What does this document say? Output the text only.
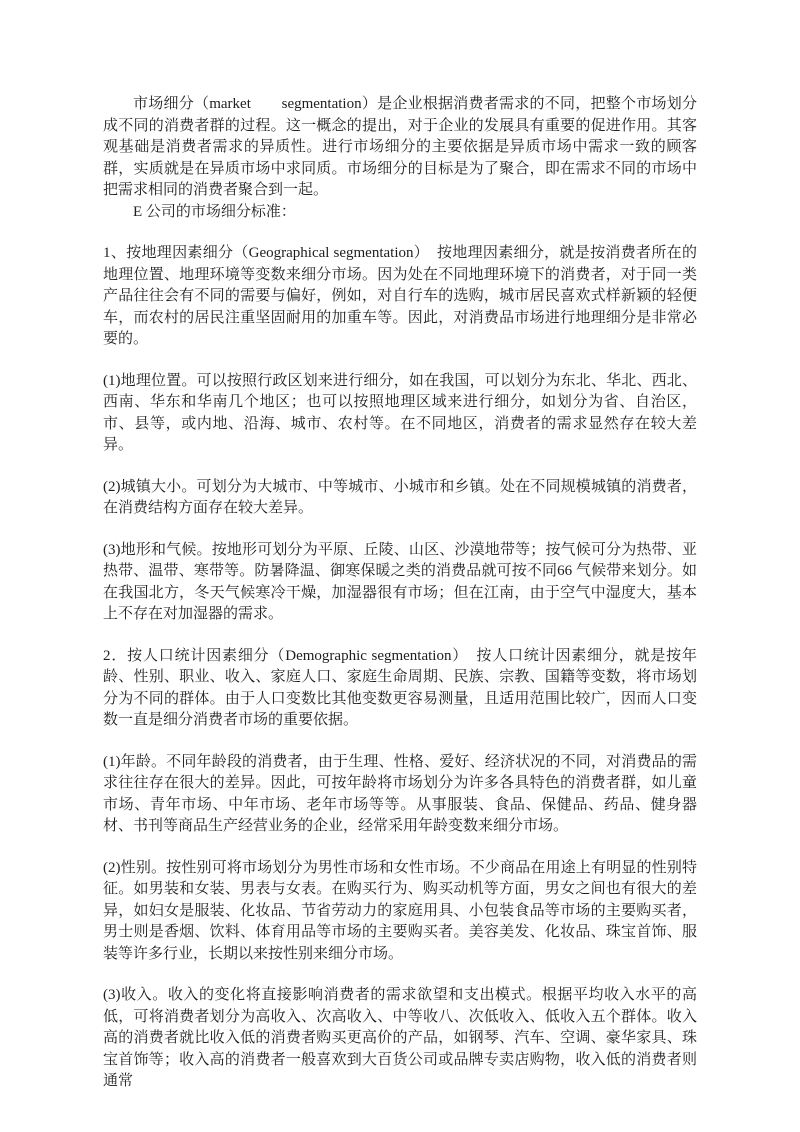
市场细分（market　　segmentation）是企业根据消费者需求的不同，把整个市场划分成不同的消费者群的过程。这一概念的提出，对于企业的发展具有重要的促进作用。其客观基础是消费者需求的异质性。进行市场细分的主要依据是异质市场中需求一致的顾客群，实质就是在异质市场中求同质。市场细分的目标是为了聚合，即在需求不同的市场中把需求相同的消费者聚合到一起。

E 公司的市场细分标准：

1、按地理因素细分（Geographical segmentation）　按地理因素细分，就是按消费者所在的地理位置、地理环境等变数来细分市场。因为处在不同地理环境下的消费者，对于同一类产品往往会有不同的需要与偏好，例如，对自行车的选购，城市居民喜欢式样新颖的轻便车，而农村的居民注重坚固耐用的加重车等。因此，对消费品市场进行地理细分是非常必要的。

(1)地理位置。可以按照行政区划来进行细分，如在我国，可以划分为东北、华北、西北、西南、华东和华南几个地区；也可以按照地理区域来进行细分，如划分为省、自治区，市、县等，或内地、沿海、城市、农村等。在不同地区，消费者的需求显然存在较大差异。

(2)城镇大小。可划分为大城市、中等城市、小城市和乡镇。处在不同规模城镇的消费者，在消费结构方面存在较大差异。

(3)地形和气候。按地形可划分为平原、丘陵、山区、沙漠地带等；按气候可分为热带、亚热带、温带、寒带等。防暑降温、御寒保暖之类的消费品就可按不同66 气候带来划分。如在我国北方，冬天气候寒冷干燥，加湿器很有市场；但在江南，由于空气中湿度大，基本上不存在对加湿器的需求。

2．按人口统计因素细分（Demographic segmentation）　按人口统计因素细分，就是按年龄、性别、职业、收入、家庭人口、家庭生命周期、民族、宗教、国籍等变数，将市场划分为不同的群体。由于人口变数比其他变数更容易测量，且适用范围比较广，因而人口变数一直是细分消费者市场的重要依据。

(1)年龄。不同年龄段的消费者，由于生理、性格、爱好、经济状况的不同，对消费品的需求往往存在很大的差异。因此，可按年龄将市场划分为许多各具特色的消费者群，如儿童市场、青年市场、中年市场、老年市场等等。从事服装、食品、保健品、药品、健身器材、书刊等商品生产经营业务的企业，经常采用年龄变数来细分市场。

(2)性别。按性别可将市场划分为男性市场和女性市场。不少商品在用途上有明显的性别特征。如男装和女装、男表与女表。在购买行为、购买动机等方面，男女之间也有很大的差异，如妇女是服装、化妆品、节省劳动力的家庭用具、小包装食品等市场的主要购买者，男士则是香烟、饮料、体育用品等市场的主要购买者。美容美发、化妆品、珠宝首饰、服装等许多行业，长期以来按性别来细分市场。

(3)收入。收入的变化将直接影响消费者的需求欲望和支出模式。根据平均收入水平的高低，可将消费者划分为高收入、次高收入、中等收八、次低收入、低收入五个群体。收入高的消费者就比收入低的消费者购买更高价的产品，如钢琴、汽车、空调、豪华家具、珠宝首饰等；收入高的消费者一般喜欢到大百货公司或品牌专卖店购物，收入低的消费者则通常
